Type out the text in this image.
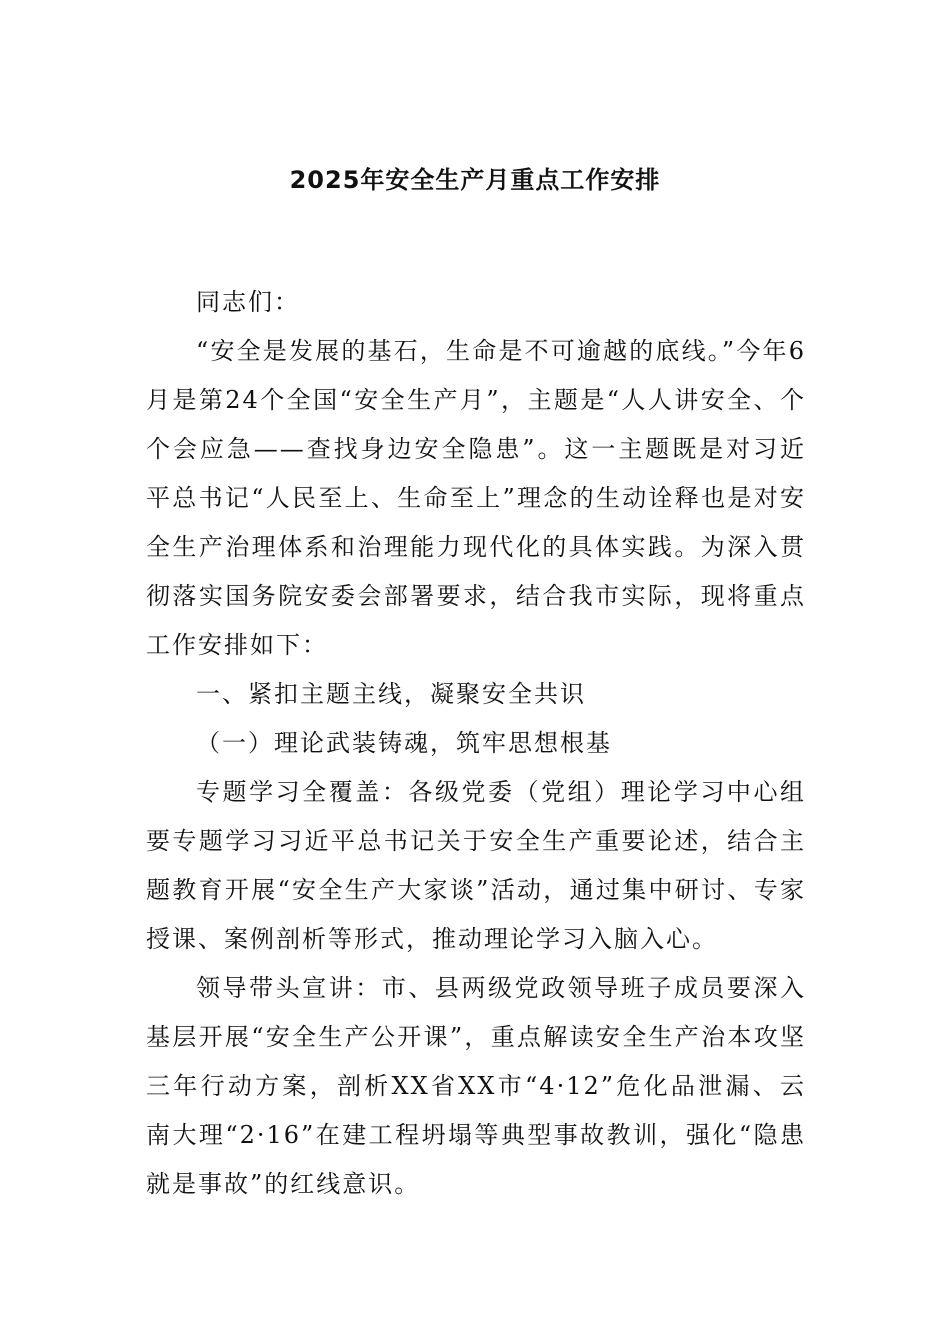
2025年安全生产月重点工作安排

同志们：

“安全是发展的基石，生命是不可逾越的底线。”今年6月是第24个全国“安全生产月”，主题是“人人讲安全、个个会应急——查找身边安全隐患”。这一主题既是对习近平总书记“人民至上、生命至上”理念的生动诠释也是对安全生产治理体系和治理能力现代化的具体实践。为深入贯彻落实国务院安委会部署要求，结合我市实际，现将重点工作安排如下：

一、紧扣主题主线，凝聚安全共识

（一）理论武装铸魂，筑牢思想根基

专题学习全覆盖：各级党委（党组）理论学习中心组要专题学习习近平总书记关于安全生产重要论述，结合主题教育开展“安全生产大家谈”活动，通过集中研讨、专家授课、案例剖析等形式，推动理论学习入脑入心。

领导带头宣讲：市、县两级党政领导班子成员要深入基层开展“安全生产公开课”，重点解读安全生产治本攻坚三年行动方案，剖析XX省XX市“4·12”危化品泄漏、云南大理“2·16”在建工程坍塌等典型事故教训，强化“隐患就是事故”的红线意识。
